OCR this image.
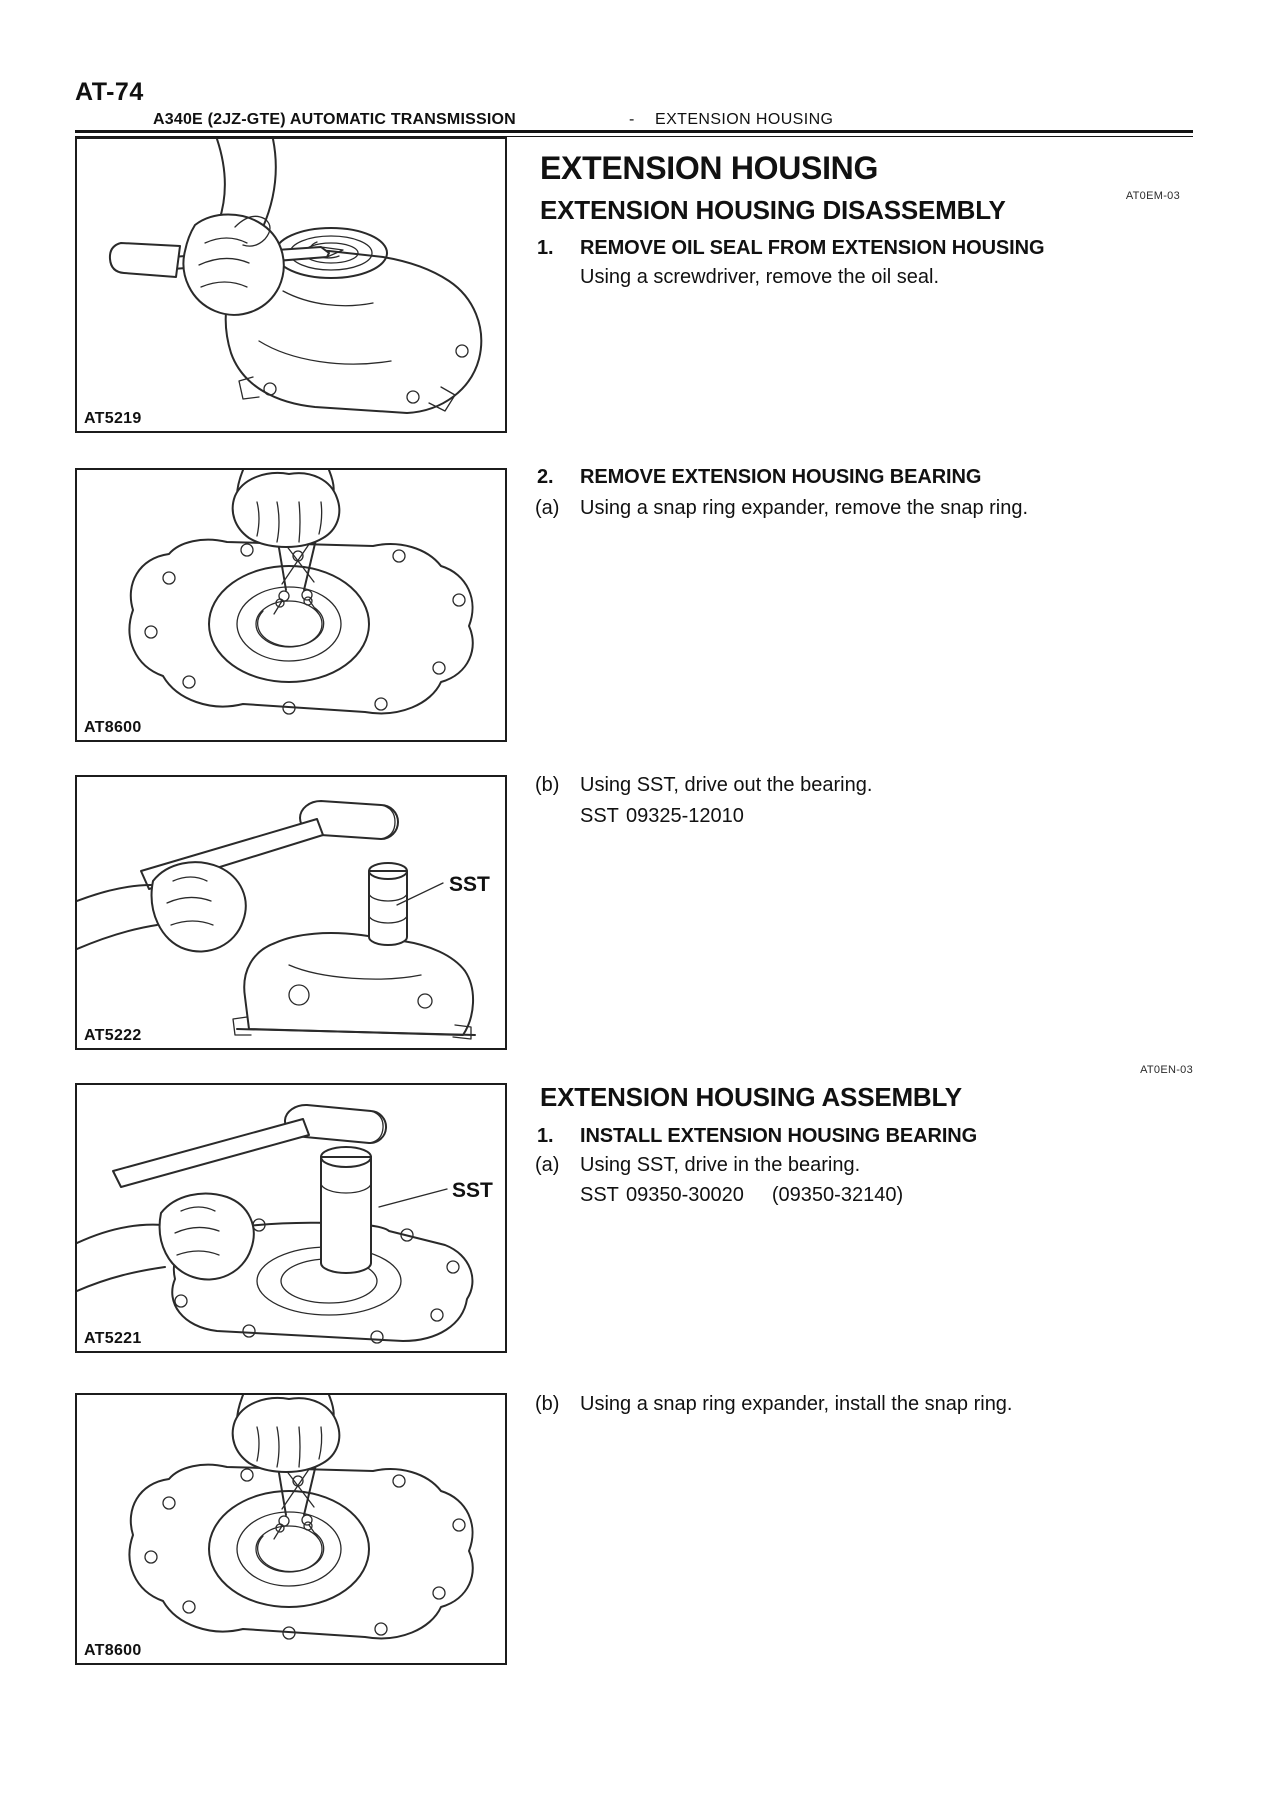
AT-74
A340E (2JZ-GTE) AUTOMATIC TRANSMISSION	- EXTENSION HOUSING
AT5219
AT8600
SST
AT5222
SST
AT5221
AT8600
EXTENSION HOUSING
AT0EM-03
EXTENSION HOUSING DISASSEMBLY
1.	REMOVE OIL SEAL FROM EXTENSION HOUSING
Using a screwdriver, remove the oil seal.
2.	REMOVE EXTENSION HOUSING BEARING
(a)	Using a snap ring expander, remove the snap ring.
(b)	Using SST, drive out the bearing.
SST 09325-12010
AT0EN-03
EXTENSION HOUSING ASSEMBLY
1.	INSTALL EXTENSION HOUSING BEARING
(a)	Using SST, drive in the bearing.
SST 09350-30020 (09350-32140)
(b)	Using a snap ring expander, install the snap ring.
